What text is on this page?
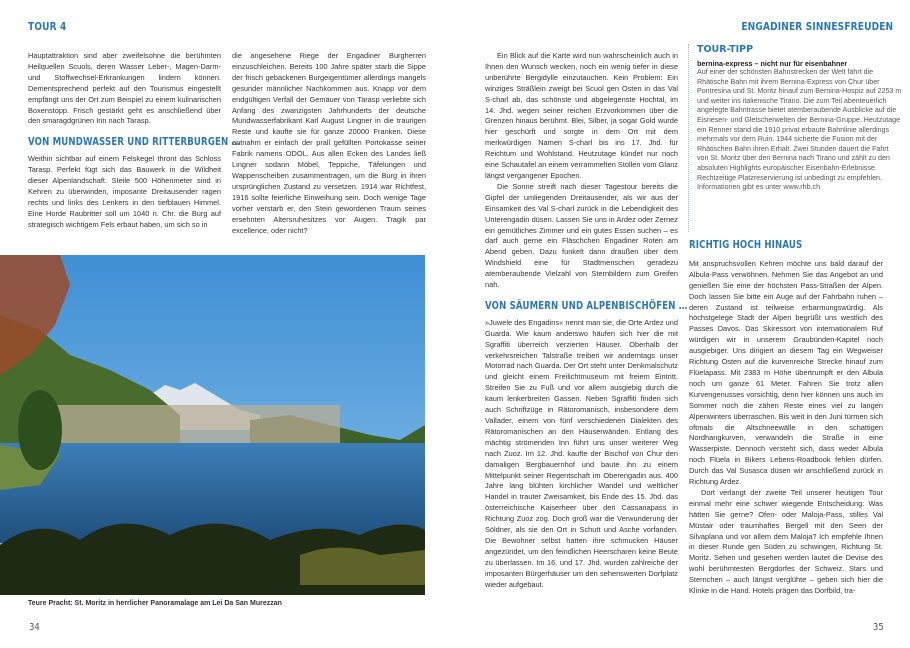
TOUR 4

Hauptattraktion sind aber zweifelsohne die berühmten Heilquellen Scuols, deren Wasser Leber-, Magen-Darm- und Stoffwechsel-Erkrankungen lindern können. Dementsprechend perfekt auf den Tourismus eingestellt empfängt uns der Ort zum Beispiel zu einem kulinarischen Boxenstopp. Frisch gestärkt geht es anschließend über den smaragdgrünen Inn nach Tarasp.

VON MUNDWASSER UND RITTERBURGEN …

Weithin sichtbar auf einem Felskegel thront das Schloss Tarasp. Perfekt fügt sich das Bauwerk in die Wildheit dieser Alpenlandschaft. Steile 500 Höhenmeter sind in Kehren zu überwinden, imposante Dreitausender ragen rechts und links des Lenkers in den tiefblauen Himmel. Eine Horde Raubritter soll um 1040 n. Chr. die Burg auf strategisch wichtigem Fels erbaut haben, um sich so in

die angesehene Riege der Engadiner Burgherren einzuschleichen. Bereits 100 Jahre später starb die Sippe der frisch gebackenen Burgeigentümer allerdings mangels gesunder männlicher Nachkommen aus. Knapp vor dem endgültigen Verfall der Gemäuer von Tarasp verliebte sich Anfang des zwanzigsten Jahrhunderts der deutsche Mundwasserfabrikant Karl August Lingner in die traurigen Reste und kaufte sie für ganze 20000 Franken. Diese entnahm er einfach der prall gefüllten Portokasse seiner Fabrik namens ODOL. Aus allen Ecken des Landes ließ Lingner sodann Möbel, Teppiche, Täfelungen und Wappenscheiben zusammentragen, um die Burg in ihren ursprünglichen Zustand zu versetzen. 1914 war Richtfest, 1916 sollte feierliche Einweihung sein. Doch wenige Tage vorher verstarb er, den Stein gewordenen Traum seines ersehnten Altersruhesitzes vor Augen. Tragik par excellence, oder nicht?

Teure Pracht: St. Moritz in herrlicher Panoramalage am Lei Da San Murezzan
34
ENGADINER SINNESFREUDEN

Ein Blick auf die Karte wird nun wahrscheinlich auch in Ihnen den Wunsch wecken, noch ein wenig tiefer in diese unberührte Bergidylle einzutauchen. Kein Problem: Ein winziges Sträßlein zweigt bei Scuol gen Osten in das Val S-charl ab, das schönste und abgelegenste Hochtal, im 14. Jhd. wegen seiner reichen Erzvorkommen über die Grenzen hinaus berühmt. Blei, Silber, ja sogar Gold wurde hier geschürft und sorgte in dem Ort mit dem merkwürdigen Namen S-charl bis ins 17. Jhd. für Reichtum und Wohlstand. Heutzutage kündet nur noch eine Schautafel an einem verrammelten Stollen vom Glanz längst vergangener Epochen.

Die Sonne streift nach dieser Tagestour bereits die Gipfel der umliegenden Dreitausender, als wir aus der Einsamkeit des Val S-charl zurück in die Lebendigkeit des Unterengadin düsen. Lassen Sie uns in Ardez oder Zernez ein gemütliches Zimmer und ein gutes Essen suchen – es darf auch gerne ein Fläschchen Engadiner Roten am Abend geben. Dazu funkelt dann draußen über dem Windshield eine für Stadtmenschen geradezu atemberaubende Vielzahl von Sternbildern zum Greifen nah.

VON SÄUMERN UND ALPENBISCHÖFEN …

»Juwele des Engadins« nennt man sie, die Orte Ardez und Guarda. Wie kaum anderswo häufen sich hier die mit Sgraffiti überreich verzierten Häuser. Oberhalb der verkehrsreichen Talstraße treiben wir anderntags unser Motorrad nach Guarda. Der Ort steht unter Denkmalschutz und gleicht einem Freilichtmuseum mit freiem Eintritt. Streifen Sie zu Fuß und vor allem ausgiebig durch die kaum lenkerbreiten Gassen. Neben Sgraffiti finden sich auch Schriftzüge in Rätoromanisch, insbesondere dem Vallader, einem von fünf verschiedenen Dialekten des Rätoromanischen an den Häuserwänden. Entlang des mächtig strömenden Inn führt uns unser weiterer Weg nach Zuoz. Im 12. Jhd. kaufte der Bischof von Chur den damaligen Bergbauernhof und baute ihn zu einem Mittelpunkt seiner Regentschaft im Oberengadin aus. 400 Jahre lang blühten kirchlicher Wandel und weltlicher Handel in trauter Zweisamkeit, bis Ende des 15. Jhd. das österreichische Kaiserheer über den Cassanapass in Richtung Zuoz zog. Doch groß war die Verwunderung der Söldner, als sie den Ort in Schutt und Asche vorfanden. Die Bewohner selbst hatten ihre schmucken Häuser angezündet, um den feindlichen Heerscharen keine Beute zu überlassen. Im 16. und 17. Jhd. wurden zahlreiche der imposanten Bürgerhäuser um den sehenswerten Dorfplatz wieder aufgebaut.

TOUR-TIPP
bernina-express – nicht nur für eisenbahner
Auf einer der schönsten Bahnstrecken der Welt fährt die Rhätische Bahn mit ihrem Bernina-Express von Chur über Pontresina und St. Moritz hinauf zum Bernina-Hospiz auf 2253 m und weiter ins italienische Tirano. Die zum Teil abenteuerlich angelegte Bahntrasse bietet atemberaubende Ausblicke auf die Eisriesen- und Gletscherwelten der Bernina-Gruppe. Heutzutage ein Renner stand die 1910 privat erbaute Bahnlinie allerdings mehrmals vor dem Ruin. 1944 sicherte die Fusion mit der Rhätischen Bahn ihren Erhalt. Zwei Stunden dauert die Fahrt von St. Moritz über den Bernina nach Tirano und zählt zu den absoluten Highlights europäischer Eisenbahn-Erlebnisse. Rechtzeitige Platzreservierung ist unbedingt zu empfehlen.
Informationen gibt es unter www.rhb.ch
RICHTIG HOCH HINAUS

Mit anspruchsvollen Kehren möchte uns bald darauf der Albula-Pass verwöhnen. Nehmen Sie das Angebot an und genießen Sie eine der höchsten Pass-Straßen der Alpen. Doch lassen Sie bitte ein Auge auf der Fahrbahn ruhen – deren Zustand ist teilweise erbarmungswürdig. Als höchstgelege Stadt der Alpen begrüßt uns westlich des Passes Davos. Das Skiressort von internationalem Ruf würdigen wir in unserem Graubünden-Kapitel noch ausgiebiger. Uns dirigiert an diesem Tag ein Wegweiser Richtung Osten auf die kurvenreiche Strecke hinauf zum Flüelapass. Mit 2383 m Höhe übertrumpft er den Albula noch um ganze 61 Meter. Fahren Sie trotz allen Kurvengenusses vorsichtig, denn hier können uns auch im Sommer noch die zähen Reste eines viel zu langen Alpenwinters überraschen. Bis weit in den Juni türmen sich oftmals die Altschneewälle in den schattigen Nordhangkurven, verwandeln die Straße in eine Wasserpiste. Dennoch versteht sich, dass weder Albula noch Flüela in Bikers Lebens-Roadbook fehlen dürfen. Durch das Val Susasca düsen wir anschließend zurück in Richtung Ardez.

Dort verlangt der zweite Teil unserer heutigen Tour einmal mehr eine schwer wiegende Entscheidung: Was hätten Sie gerne? Ofen- oder Maloja-Pass, stilles Val Müstair oder traumhaftes Bergell mit den Seen der Silvaplana und vor allem dem Maloja? Ich empfehle Ihnen in dieser Runde gen Süden zu schwingen, Richtung St. Moritz. Sehen und gesehen werden lautet die Devise des wohl berühmtesten Bergdorfes der Schweiz. Stars und Sternchen – auch längst verglühte – geben sich hier die Klinke in die Hand. Hotels prägen das Dorfbild, tra-

35
